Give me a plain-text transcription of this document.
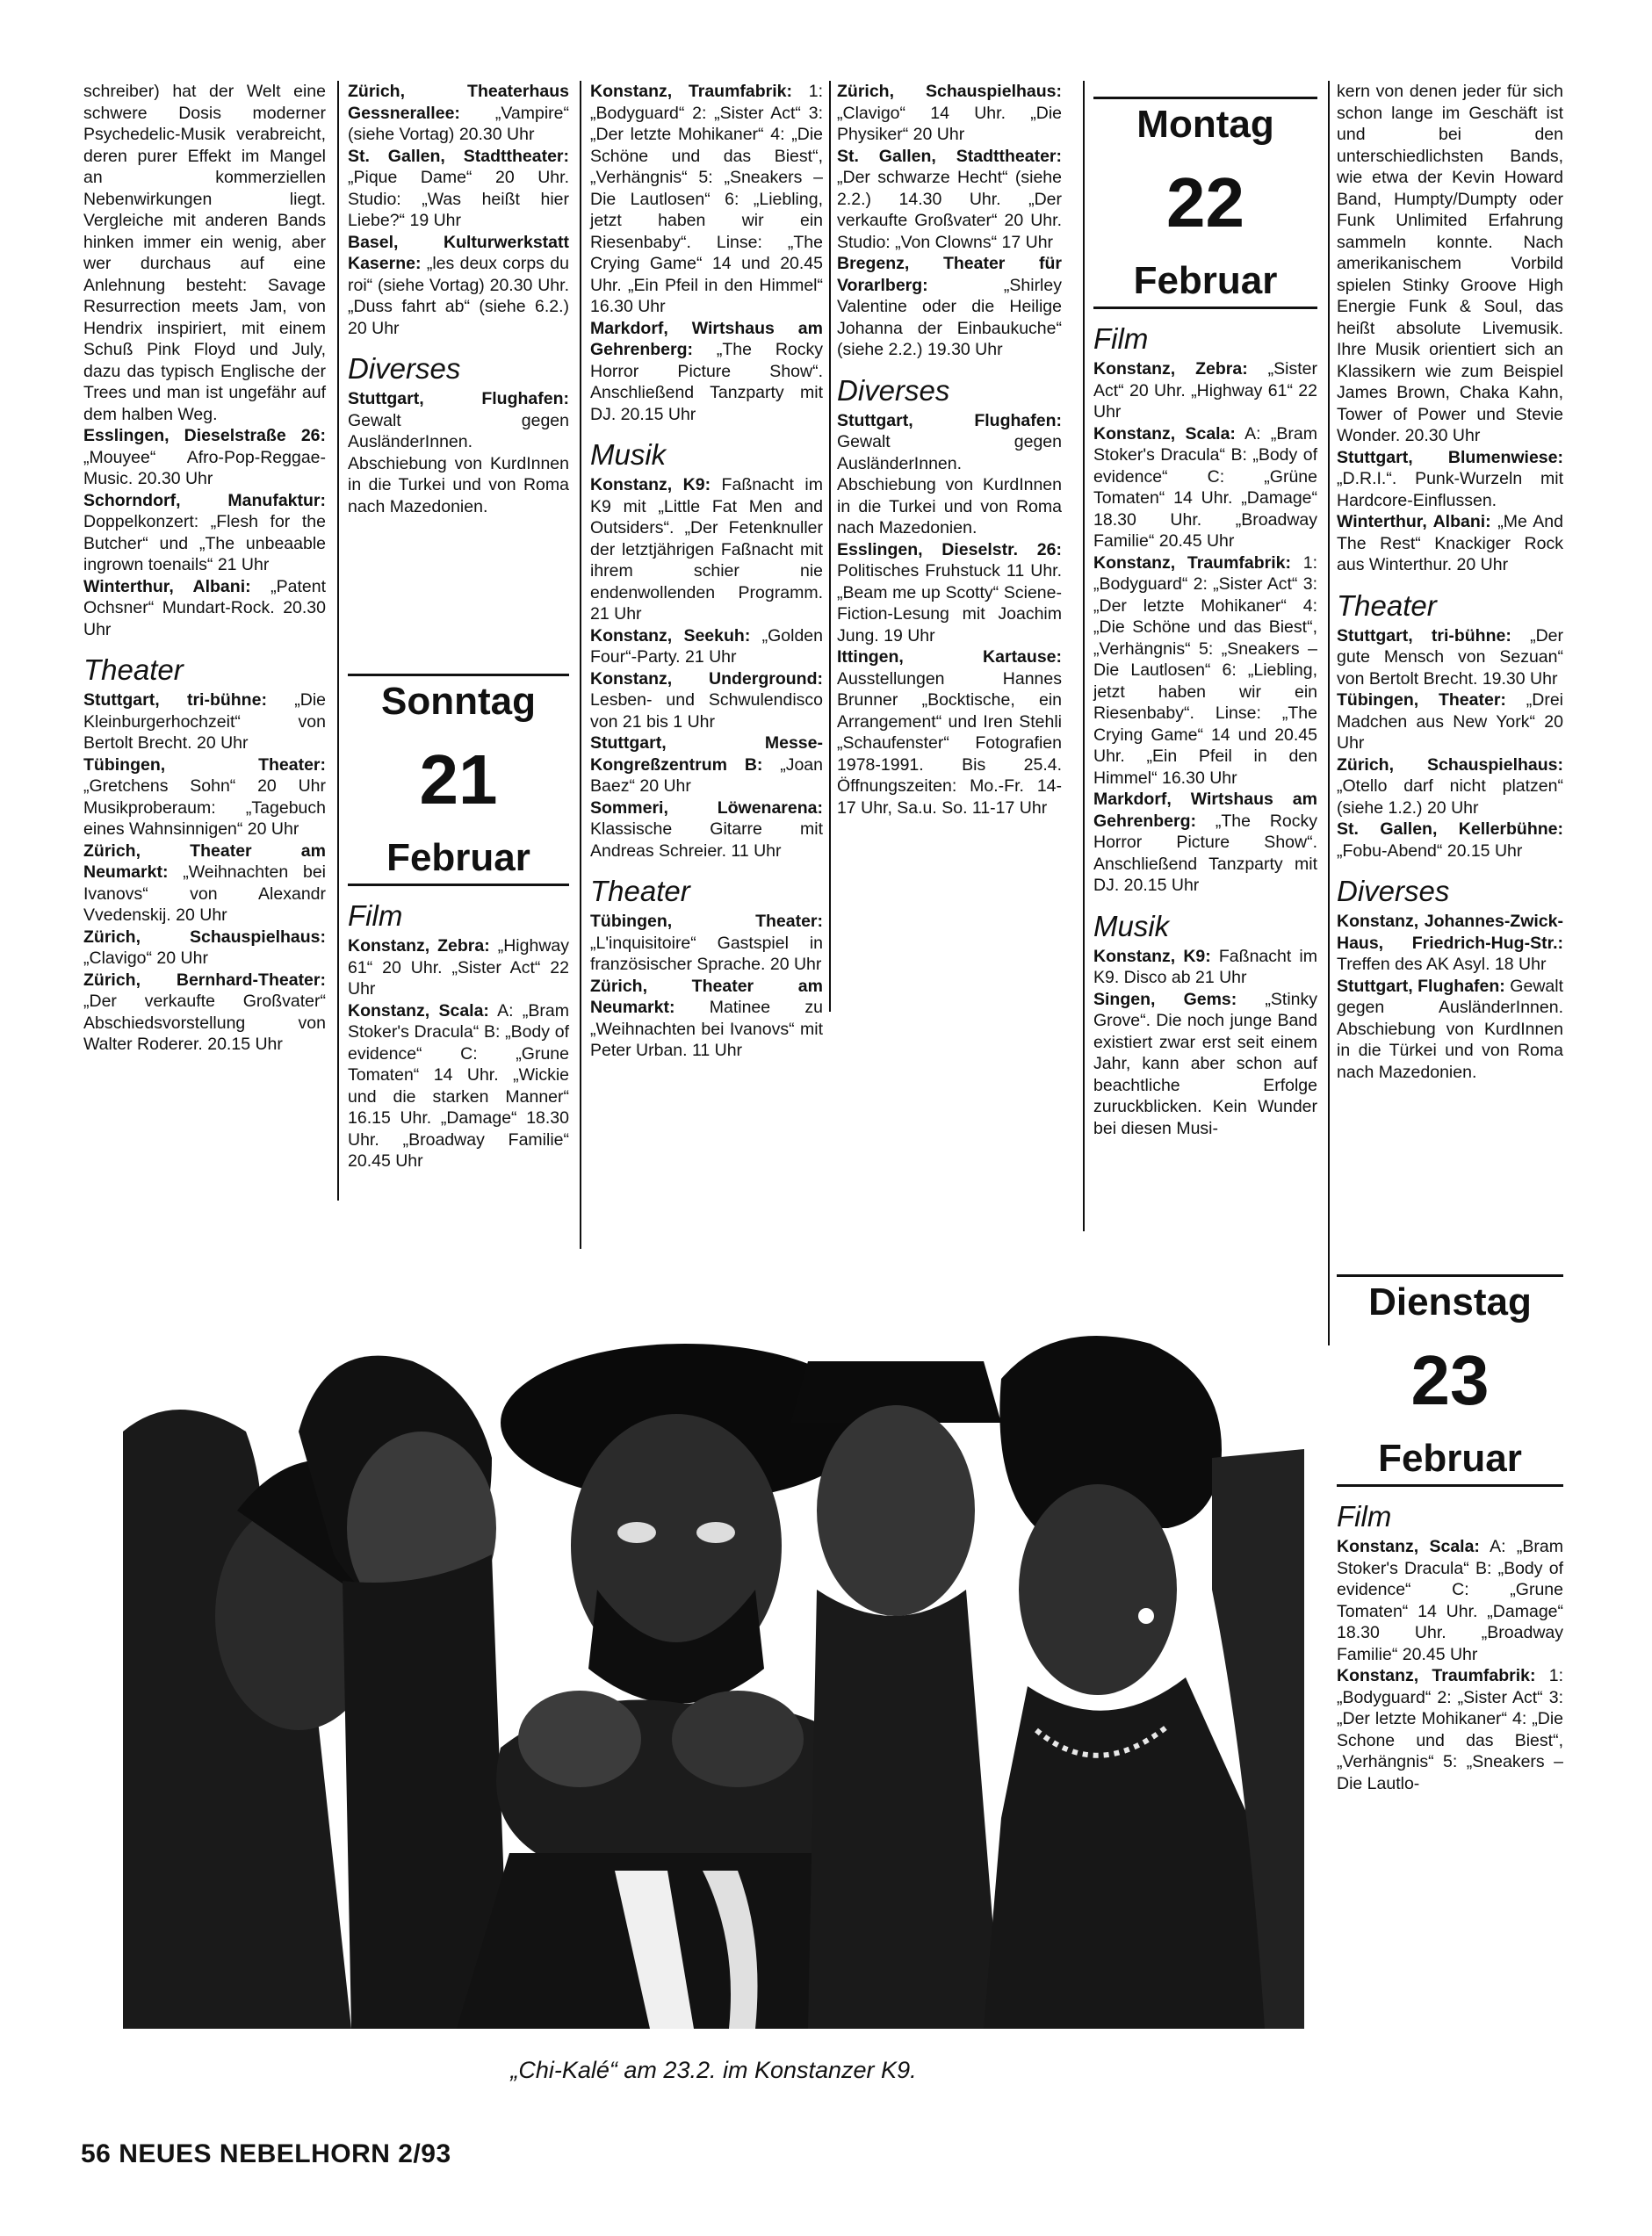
schreiber) hat der Welt eine schwere Dosis moderner Psychedelic-Musik verabreicht, deren purer Effekt im Mangel an kommerziellen Nebenwirkungen liegt. Vergleiche mit anderen Bands hinken immer ein wenig, aber wer durchaus auf eine Anlehnung besteht: Savage Resurrection meets Jam, von Hendrix inspiriert, mit einem Schuß Pink Floyd und July, dazu das typisch Englische der Trees und man ist ungefähr auf dem halben Weg.

Esslingen, Dieselstraße 26: „Mouyee“ Afro-Pop-Reggae-Music. 20.30 Uhr

Schorndorf, Manufaktur: Doppelkonzert: „Flesh for the Butcher“ und „The unbeaable ingrown toenails“ 21 Uhr

Winterthur, Albani: „Patent Ochsner“ Mundart-Rock. 20.30 Uhr

Theater

Stuttgart, tri-bühne: „Die Kleinburgerhochzeit“ von Bertolt Brecht. 20 Uhr

Tübingen, Theater: „Gretchens Sohn“ 20 Uhr Musikproberaum: „Tagebuch eines Wahnsinnigen“ 20 Uhr

Zürich, Theater am Neumarkt: „Weihnachten bei Ivanovs“ von Alexandr Vvedenskij. 20 Uhr

Zürich, Schauspielhaus: „Clavigo“ 20 Uhr

Zürich, Bernhard-Theater: „Der verkaufte Großvater“ Abschiedsvorstellung von Walter Roderer. 20.15 Uhr

Zürich, Theaterhaus Gessnerallee: „Vampire“ (siehe Vortag) 20.30 Uhr

St. Gallen, Stadttheater: „Pique Dame“ 20 Uhr. Studio: „Was heißt hier Liebe?“ 19 Uhr

Basel, Kulturwerkstatt Kaserne: „les deux corps du roi“ (siehe Vortag) 20.30 Uhr. „Duss fahrt ab“ (siehe 6.2.) 20 Uhr

Diverses

Stuttgart, Flughafen: Gewalt gegen AusländerInnen. Abschiebung von KurdInnen in die Turkei und von Roma nach Mazedonien.

Sonntag
21
Februar
Film

Konstanz, Zebra: „Highway 61“ 20 Uhr. „Sister Act“ 22 Uhr

Konstanz, Scala: A: „Bram Stoker's Dracula“ B: „Body of evidence“ C: „Grune Tomaten“ 14 Uhr. „Wickie und die starken Manner“ 16.15 Uhr. „Damage“ 18.30 Uhr. „Broadway Familie“ 20.45 Uhr

Konstanz, Traumfabrik: 1: „Bodyguard“ 2: „Sister Act“ 3: „Der letzte Mohikaner“ 4: „Die Schöne und das Biest“, „Verhängnis“ 5: „Sneakers – Die Lautlosen“ 6: „Liebling, jetzt haben wir ein Riesenbaby“. Linse: „The Crying Game“ 14 und 20.45 Uhr. „Ein Pfeil in den Himmel“ 16.30 Uhr

Markdorf, Wirtshaus am Gehrenberg: „The Rocky Horror Picture Show“. Anschließend Tanzparty mit DJ. 20.15 Uhr

Musik

Konstanz, K9: Faßnacht im K9 mit „Little Fat Men and Outsiders“. „Der Fetenknuller der letztjährigen Faßnacht mit ihrem schier nie endenwollenden Programm. 21 Uhr

Konstanz, Seekuh: „Golden Four“-Party. 21 Uhr

Konstanz, Underground: Lesben- und Schwulendisco von 21 bis 1 Uhr

Stuttgart, Messe-Kongreßzentrum B: „Joan Baez“ 20 Uhr

Sommeri, Löwenarena: Klassische Gitarre mit Andreas Schreier. 11 Uhr

Theater

Tübingen, Theater: „L'inquisitoire“ Gastspiel in französischer Sprache. 20 Uhr

Zürich, Theater am Neumarkt: Matinee zu „Weihnachten bei Ivanovs“ mit Peter Urban. 11 Uhr

Zürich, Schauspielhaus: „Clavigo“ 14 Uhr. „Die Physiker“ 20 Uhr

St. Gallen, Stadttheater: „Der schwarze Hecht“ (siehe 2.2.) 14.30 Uhr. „Der verkaufte Großvater“ 20 Uhr. Studio: „Von Clowns“ 17 Uhr

Bregenz, Theater für Vorarlberg: „Shirley Valentine oder die Heilige Johanna der Einbaukuche“ (siehe 2.2.) 19.30 Uhr

Diverses

Stuttgart, Flughafen: Gewalt gegen AusländerInnen. Abschiebung von KurdInnen in die Turkei und von Roma nach Mazedonien.

Esslingen, Dieselstr. 26: Politisches Fruhstuck 11 Uhr. „Beam me up Scotty“ Sciene-Fiction-Lesung mit Joachim Jung. 19 Uhr

Ittingen, Kartause: Ausstellungen Hannes Brunner „Bocktische, ein Arrangement“ und Iren Stehli „Schaufenster“ Fotografien 1978-1991. Bis 25.4. Öffnungszeiten: Mo.-Fr. 14-17 Uhr, Sa.u. So. 11-17 Uhr

Montag
22
Februar
Film

Konstanz, Zebra: „Sister Act“ 20 Uhr. „Highway 61“ 22 Uhr

Konstanz, Scala: A: „Bram Stoker's Dracula“ B: „Body of evidence“ C: „Grüne Tomaten“ 14 Uhr. „Damage“ 18.30 Uhr. „Broadway Familie“ 20.45 Uhr

Konstanz, Traumfabrik: 1: „Bodyguard“ 2: „Sister Act“ 3: „Der letzte Mohikaner“ 4: „Die Schöne und das Biest“, „Verhängnis“ 5: „Sneakers – Die Lautlosen“ 6: „Liebling, jetzt haben wir ein Riesenbaby“. Linse: „The Crying Game“ 14 und 20.45 Uhr. „Ein Pfeil in den Himmel“ 16.30 Uhr

Markdorf, Wirtshaus am Gehrenberg: „The Rocky Horror Picture Show“. Anschließend Tanzparty mit DJ. 20.15 Uhr

Musik

Konstanz, K9: Faßnacht im K9. Disco ab 21 Uhr

Singen, Gems: „Stinky Grove“. Die noch junge Band existiert zwar erst seit einem Jahr, kann aber schon auf beachtliche Erfolge zuruckblicken. Kein Wunder bei diesen Musi-

kern von denen jeder für sich schon lange im Geschäft ist und bei den unterschiedlichsten Bands, wie etwa der Kevin Howard Band, Humpty/Dumpty oder Funk Unlimited Erfahrung sammeln konnte. Nach amerikanischem Vorbild spielen Stinky Groove High Energie Funk & Soul, das heißt absolute Livemusik. Ihre Musik orientiert sich an Klassikern wie zum Beispiel James Brown, Chaka Kahn, Tower of Power und Stevie Wonder. 20.30 Uhr

Stuttgart, Blumenwiese: „D.R.I.“. Punk-Wurzeln mit Hardcore-Einflussen.

Winterthur, Albani: „Me And The Rest“ Knackiger Rock aus Winterthur. 20 Uhr

Theater

Stuttgart, tri-bühne: „Der gute Mensch von Sezuan“ von Bertolt Brecht. 19.30 Uhr

Tübingen, Theater: „Drei Madchen aus New York“ 20 Uhr

Zürich, Schauspielhaus: „Otello darf nicht platzen“ (siehe 1.2.) 20 Uhr

St. Gallen, Kellerbühne: „Fobu-Abend“ 20.15 Uhr

Diverses

Konstanz, Johannes-Zwick-Haus, Friedrich-Hug-Str.: Treffen des AK Asyl. 18 Uhr

Stuttgart, Flughafen: Gewalt gegen AusländerInnen. Abschiebung von KurdInnen in die Türkei und von Roma nach Mazedonien.

Dienstag
23
Februar
Film

Konstanz, Scala: A: „Bram Stoker's Dracula“ B: „Body of evidence“ C: „Grune Tomaten“ 14 Uhr. „Damage“ 18.30 Uhr. „Broadway Familie“ 20.45 Uhr

Konstanz, Traumfabrik: 1: „Bodyguard“ 2: „Sister Act“ 3: „Der letzte Mohikaner“ 4: „Die Schone und das Biest“, „Verhängnis“ 5: „Sneakers – Die Lautlo-

„Chi-Kalé“ am 23.2. im Konstanzer K9.
56 NEUES NEBELHORN 2/93
